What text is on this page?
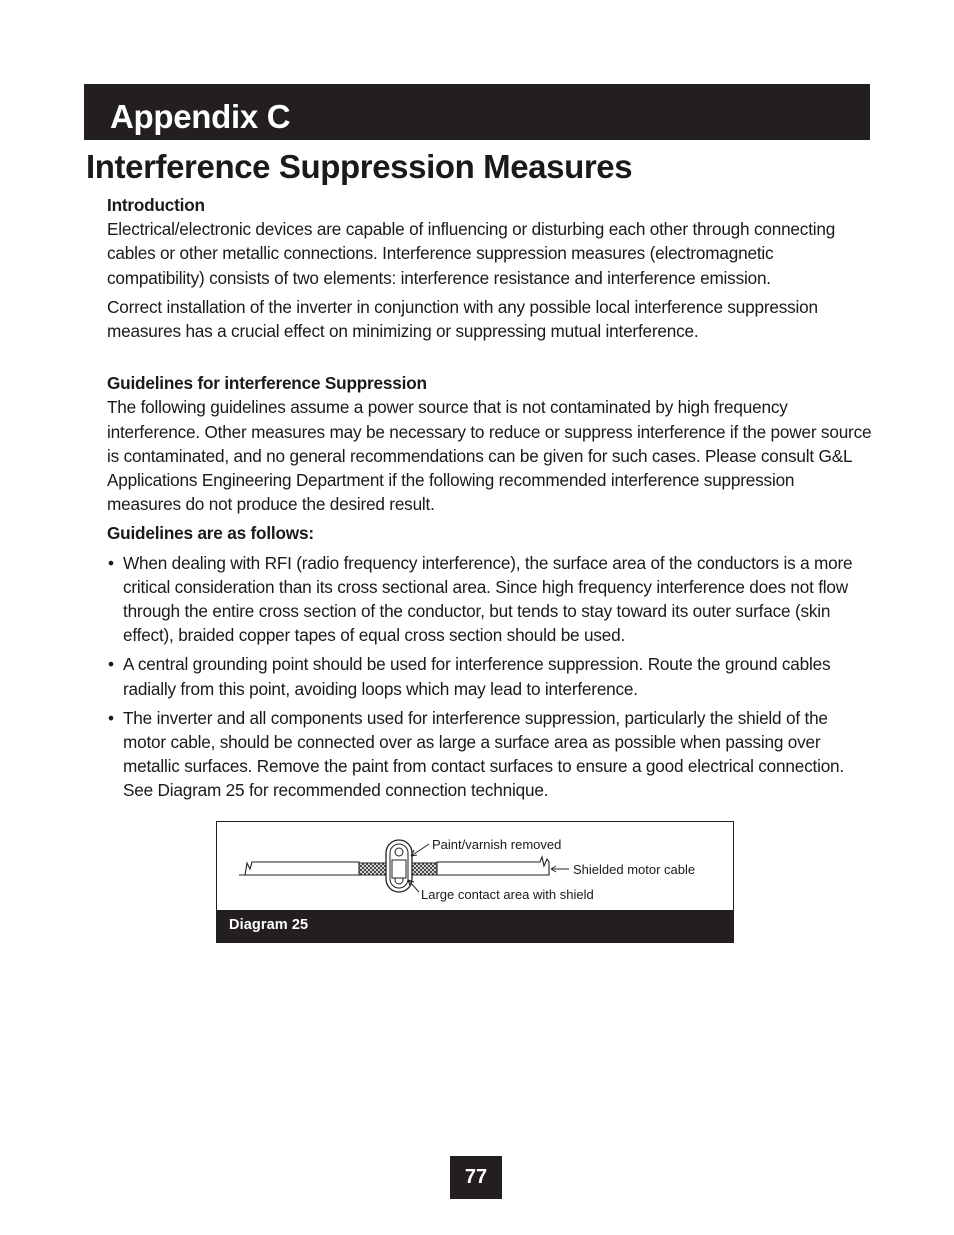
Appendix C
Interference Suppression Measures
Introduction

Electrical/electronic devices are capable of influencing or disturbing each other through connecting cables or other metallic connections. Interference suppression measures (electromagnetic compatibility) consists of two elements: interference resistance and interference emission.

Correct installation of the inverter in conjunction with any possible local interference suppression measures has a crucial effect on minimizing or suppressing mutual interference.

Guidelines for interference Suppression

The following guidelines assume a power source that is not contaminated by high frequency interference. Other measures may be necessary to reduce or suppress interference if the power source is contaminated, and no general recommendations can be given for such cases. Please consult G&L Applications Engineering Department if the following recommended interference suppression measures do not produce the desired result.

Guidelines are as follows:

• When dealing with RFI (radio frequency interference), the surface area of the conductors is a more critical consideration than its cross sectional area. Since high frequency interference does not flow through the entire cross section of the conductor, but tends to stay toward its outer surface (skin effect), braided copper tapes of equal cross section should be used.
• A central grounding point should be used for interference suppression. Route the ground cables radially from this point, avoiding loops which may lead to interference.
• The inverter and all components used for interference suppression, particularly the shield of the motor cable, should be connected over as large a surface area as possible when passing over metallic surfaces. Remove the paint from contact surfaces to ensure a good electrical connection. See Diagram 25 for recommended connection technique.
Paint/varnish removed
Shielded motor cable
Large contact area with shield
Diagram 25
77
